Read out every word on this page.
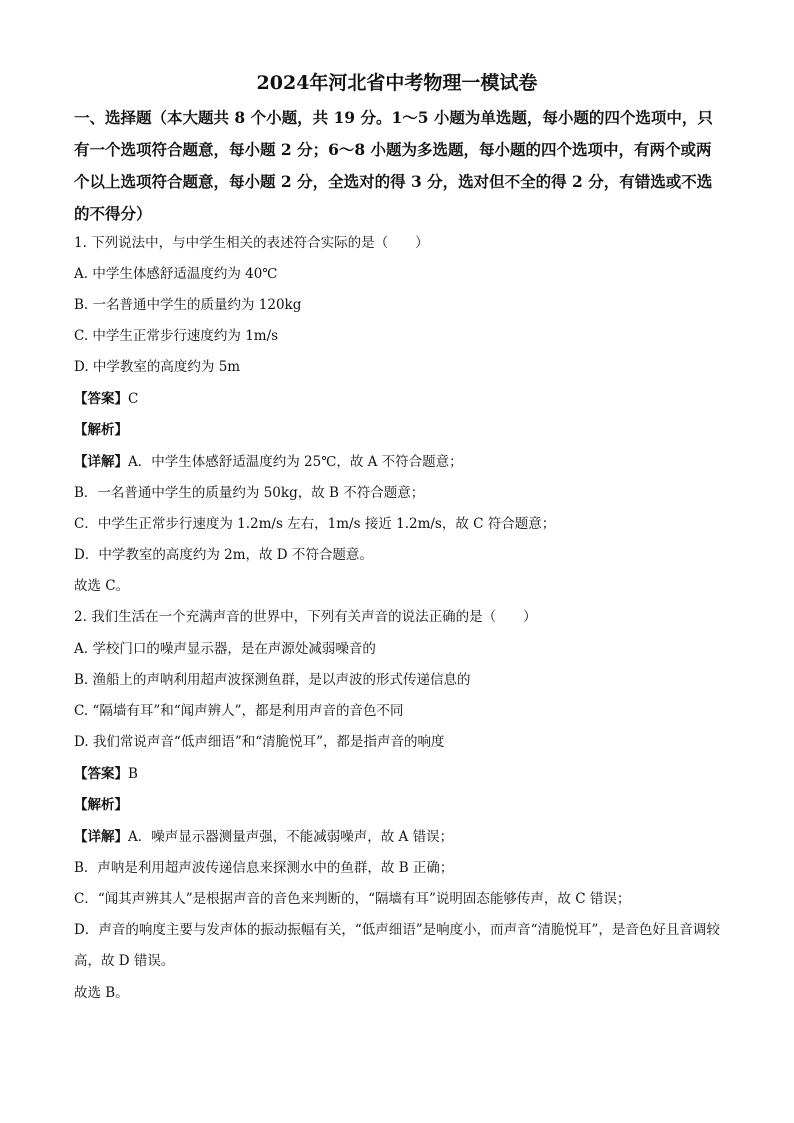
2024年河北省中考物理一模试卷
一、选择题（本大题共 8 个小题，共 19 分。1～5 小题为单选题，每小题的四个选项中，只有一个选项符合题意，每小题 2 分；6～8 小题为多选题，每小题的四个选项中，有两个或两个以上选项符合题意，每小题 2 分，全选对的得 3 分，选对但不全的得 2 分，有错选或不选的不得分）
1. 下列说法中，与中学生相关的表述符合实际的是（　　）
A. 中学生体感舒适温度约为 40℃
B. 一名普通中学生的质量约为 120kg
C. 中学生正常步行速度约为 1m/s
D. 中学教室的高度约为 5m
【答案】C
【解析】
【详解】A．中学生体感舒适温度约为 25℃，故 A 不符合题意；
B．一名普通中学生的质量约为 50kg，故 B 不符合题意；
C．中学生正常步行速度为 1.2m/s 左右，1m/s 接近 1.2m/s，故 C 符合题意；
D．中学教室的高度约为 2m，故 D 不符合题意。
故选 C。
2. 我们生活在一个充满声音的世界中，下列有关声音的说法正确的是（　　）
A. 学校门口的噪声显示器，是在声源处减弱噪音的
B. 渔船上的声呐利用超声波探测鱼群，是以声波的形式传递信息的
C. “隔墙有耳”和“闻声辨人”，都是利用声音的音色不同
D. 我们常说声音“低声细语”和“清脆悦耳”，都是指声音的响度
【答案】B
【解析】
【详解】A．噪声显示器测量声强，不能减弱噪声，故 A 错误；
B．声呐是利用超声波传递信息来探测水中的鱼群，故 B 正确；
C．“闻其声辨其人”是根据声音的音色来判断的，“隔墙有耳”说明固态能够传声，故 C 错误；
D．声音的响度主要与发声体的振动振幅有关，“低声细语”是响度小，而声音“清脆悦耳”，是音色好且音调较高，故 D 错误。
故选 B。
